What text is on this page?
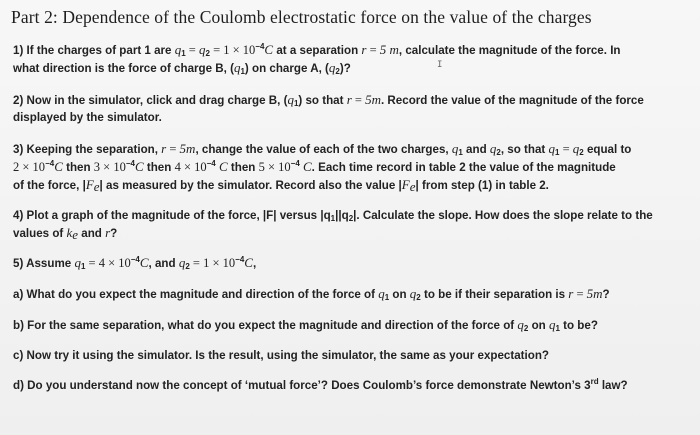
Part 2: Dependence of the Coulomb electrostatic force on the value of the charges
1) If the charges of part 1 are $q_1 = q_2 = 1 \times 10^{-4}C$ at a separation r = 5 m, calculate the magnitude of the force. In
what direction is the force of charge B, $(q_1)$ on charge A, $(q_2)$?
2) Now in the simulator, click and drag charge B, $(q_1)$ so that r = 5m. Record the value of the magnitude of the force
displayed by the simulator.
3) Keeping the separation, r = 5m, change the value of each of the two charges, $q_1$ and $q_2$, so that $q_1 = q_2$ equal to
$2 \times 10^{-4}C$ then $3 \times 10^{-4}C$ then $4 \times 10^{-4}$ C then $5 \times 10^{-4}$ C. Each time record in table 2 the value of the magnitude
of the force, $|F_e|$ as measured by the simulator. Record also the value $|F_e|$ from step (1) in table 2.
4) Plot a graph of the magnitude of the force, |F| versus $|q_1||q_2|$. Calculate the slope. How does the slope relate to the
values of $k_e$ and r?
5) Assume $q_1 = 4 \times 10^{-4}C$, and $q_2 = 1 \times 10^{-4}C$,
a) What do you expect the magnitude and direction of the force of $q_1$ on $q_2$ to be if their separation is r = 5m?
b) For the same separation, what do you expect the magnitude and direction of the force of $q_2$ on $q_1$ to be?
c) Now try it using the simulator. Is the result, using the simulator, the same as your expectation?
d) Do you understand now the concept of ‘mutual force’? Does Coulomb’s force demonstrate Newton’s 3rd law?
I
